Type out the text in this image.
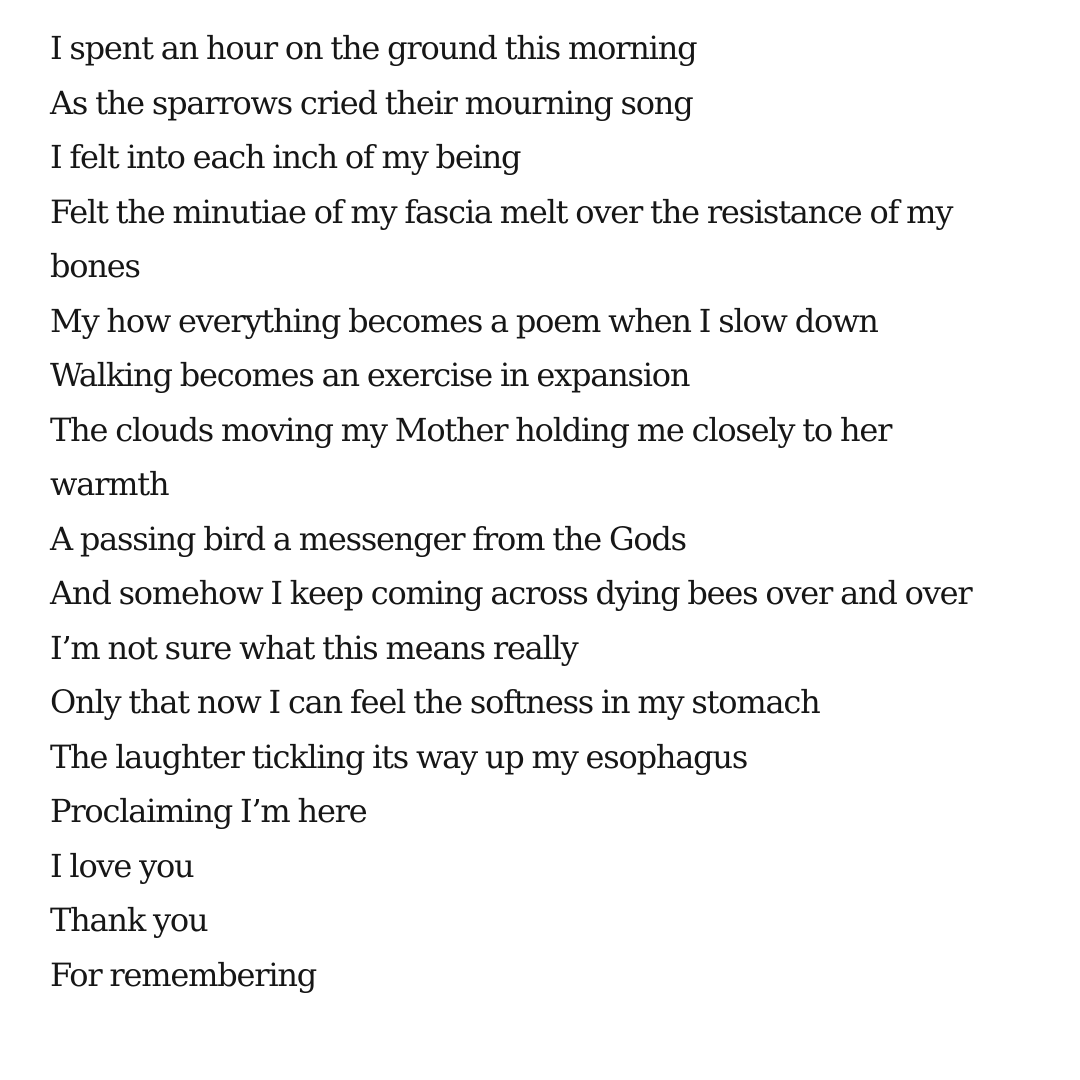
I spent an hour on the ground this morning
As the sparrows cried their mourning song
I felt into each inch of my being
Felt the minutiae of my fascia melt over the resistance of my
bones
My how everything becomes a poem when I slow down
Walking becomes an exercise in expansion
The clouds moving my Mother holding me closely to her
warmth
A passing bird a messenger from the Gods
And somehow I keep coming across dying bees over and over
I’m not sure what this means really
Only that now I can feel the softness in my stomach
The laughter tickling its way up my esophagus
Proclaiming I’m here
I love you
Thank you
For remembering
